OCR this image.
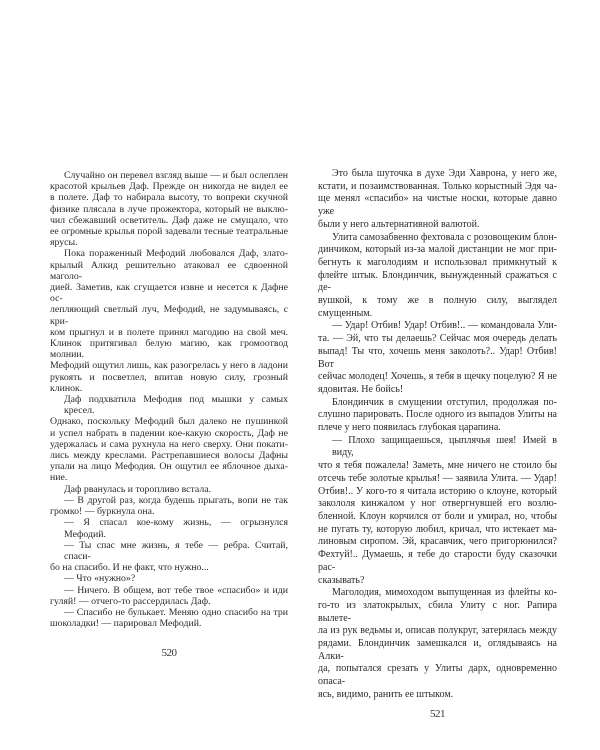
Случайно он перевел взгляд выше — и был ослеплен
красотой крыльев Даф. Прежде он никогда не видел ее
в полете. Даф то набирала высоту, то вопреки скучной
физике плясала в луче прожектора, который не выклю-
чил сбежавший осветитель. Даф даже не смущало, что
ее огромные крылья порой задевали тесные театральные
ярусы.
Пока пораженный Мефодий любовался Даф, злато-
крылый Алкид решительно атаковал ее сдвоенной маголо-
дией. Заметив, как сгущается извне и несется к Дафне ос-
лепляющий светлый луч, Мефодий, не задумываясь, с кри-
ком прыгнул и в полете принял магодию на свой меч.
Клинок притягивал белую магию, как громоотвод молнии.
Мефодий ощутил лишь, как разогрелась у него в ладони
рукоять и посветлел, впитав новую силу, грозный клинок.
Даф подхватила Мефодия под мышки у самых кресел.
Однако, поскольку Мефодий был далеко не пушинкой
и успел набрать в падении кое-какую скорость, Даф не
удержалась и сама рухнула на него сверху. Они покати-
лись между креслами. Растрепавшиеся волосы Дафны
упали на лицо Мефодия. Он ощутил ее яблочное дыха-
ние.
Даф рванулась и торопливо встала.
— В другой раз, когда будешь прыгать, вопи не так
громко! — буркнула она.
— Я спасал кое-кому жизнь, — огрызнулся Мефодий.
— Ты спас мне жизнь, я тебе — ребра. Считай, спаси-
бо на спасибо. И не факт, что нужно...
— Что «нужно»?
— Ничего. В общем, вот тебе твое «спасибо» и иди
гуляй! — отчего-то рассердилась Даф.
— Спасибо не булькает. Меняю одно спасибо на три
шоколадки! — парировал Мефодий.
520
Это была шуточка в духе Эди Хаврона, у него же,
кстати, и позаимствованная. Только корыстный Эдя ча-
ще менял «спасибо» на чистые носки, которые давно уже
были у него альтернативной валютой.
Улита самозабвенно фехтовала с розовощеким блон-
динчиком, который из-за малой дистанции не мог при-
бегнуть к маголодиям и использовал примкнутый к
флейте штык. Блондинчик, вынужденный сражаться с де-
вушкой, к тому же в полную силу, выглядел смущенным.
— Удар! Отбив! Удар! Отбив!.. — командовала Ули-
та. — Эй, что ты делаешь? Сейчас моя очередь делать
выпад! Ты что, хочешь меня заколоть?.. Удар! Отбив! Вот
сейчас молодец! Хочешь, я тебя в щечку поцелую? Я не
ядовитая. Не бойсь!
Блондинчик в смущении отступил, продолжая по-
слушно парировать. После одного из выпадов Улиты на
плече у него появилась глубокая царапина.
— Плохо защищаешься, цыплячья шея! Имей в виду,
что я тебя пожалела! Заметь, мне ничего не стоило бы
отсечь тебе золотые крылья! — заявила Улита. — Удар!
Отбив!.. У кого-то я читала историю о клоуне, который
закололя кинжалом у ног отвергнувшей его возлю-
бленной. Клоун корчился от боли и умирал, но, чтобы
не пугать ту, которую любил, кричал, что истекает ма-
линовым сиропом. Эй, красавчик, чего пригорюнился?
Фехтуй!.. Думаешь, я тебе до старости буду сказочки рас-
сказывать?
Маголодия, мимоходом выпущенная из флейты ко-
го-то из златокрылых, сбила Улиту с ног. Рапира вылете-
ла из рук ведьмы и, описав полукруг, затерялась между
рядами. Блондинчик замешкался и, оглядываясь на Алки-
да, попытался срезать у Улиты дарх, одновременно опаса-
ясь, видимо, ранить ее штыком.
521
